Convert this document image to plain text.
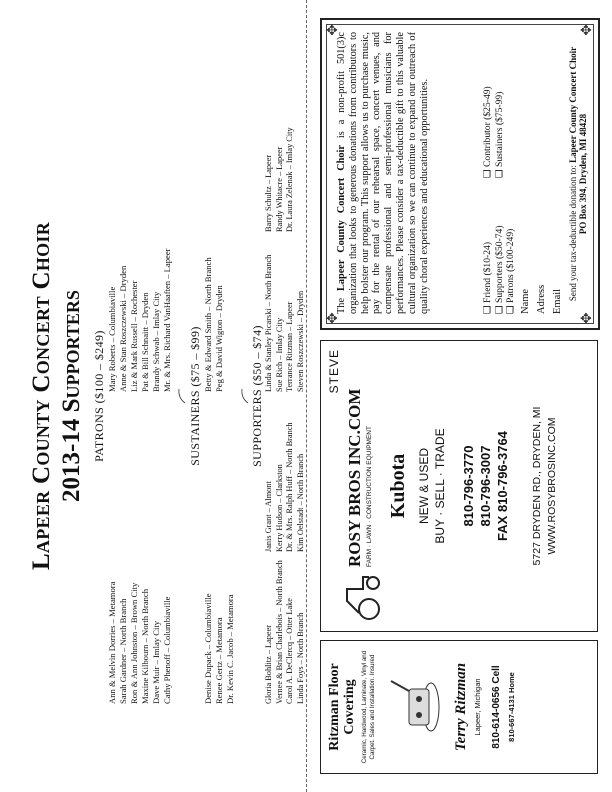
Lapeer County Concert Choir 2013-14 Supporters PATRONS ($100 – $249)
Ann & Melvin Dorries – Metamora Sarah Gardner – North Branch Ron & Ann Johnston – Brown City Maxine Kilbourn – North Branch Dave Muir – Imlay City Cathy Phenoff – Columbiaville
Mary Roberts – Columbiaville Anne & Stan Roszczewski – Dryden Liz & Mark Russell – Rochester Pat & Bill Schnaitt – Dryden Brandy Schwab – Imlay City Mr. & Mrs. Richard VanHaaften – Lapeer
SUSTAINERS ($75 – $99)
Denise Dupack – Columbiaville Renee Gertz – Metamora Dr. Kevin C. Jacob – Metamora
Betty & Edward Smith – North Branch Peg & David Wigton – Dryden SUPPORTERS ($50 – $74)
Gloria Bohlitz – Lapeer Vernee & Brian Charlebois – North Branch Carol A. DeClercq – Otter Lake Linda Foys – North Branch
Linda & Stanley Picarski – North Branch Sue Rich – Imlay City Terrance Ritzman – Lapeer Steven Roszczewski – Dryden
Ritzman Floor Covering Ceramic, Hardwood, Laminate, Vinyl and Carpet. Sales and Installation. Insured	Terry Ritzman Lapeer, Michigan 810-614-0656 Cell 810-667-4131 Home
STEVE
ROSY BROS INC.COM FARM · LAWN · CONSTRUCTION EQUIPMENT Kubota NEW & USED BUY · SELL · TRADE 810-796-3770 810-796-3007 FAX 810-796-3764 5727 DRYDEN RD., DRYDEN, MI WWW.ROSYBROSINC.COM
✥
✥
✥
✥
The Lapeer County Concert Choir is a non-profit 501(3)c organization that looks to generous donations from contributors to help bolster our program. This support allows us to purchase music, pay for the rental of our rehearsal space, concert venues, and compensate professional and semi-professional musicians for performances. Please consider a tax-deductible gift to this valuable cultural organization so we can continue to expand our outreach of quality choral experiences and educational opportunities.	❑ Friend ($10-24) ❑ Supporters ($50-74) ❑ Patrons ($100-249)
❑ Contributor ($25-49) ❑ Sustainers ($75-99)
Name Adress Email
Send your tax-deductible donation to: Lapeer County Concert Choir
PO Box 394, Dryden, MI 48428
Janis Grant – Almont Kerry Hudson – Clarkston Dr. & Mrs. Ralph Huff – North Branch Kim Oelstadt – North Branch
Barry Schultz – Lapeer Randy Whitacre – Lapeer Dr. Laura Zelenak – Imlay City
